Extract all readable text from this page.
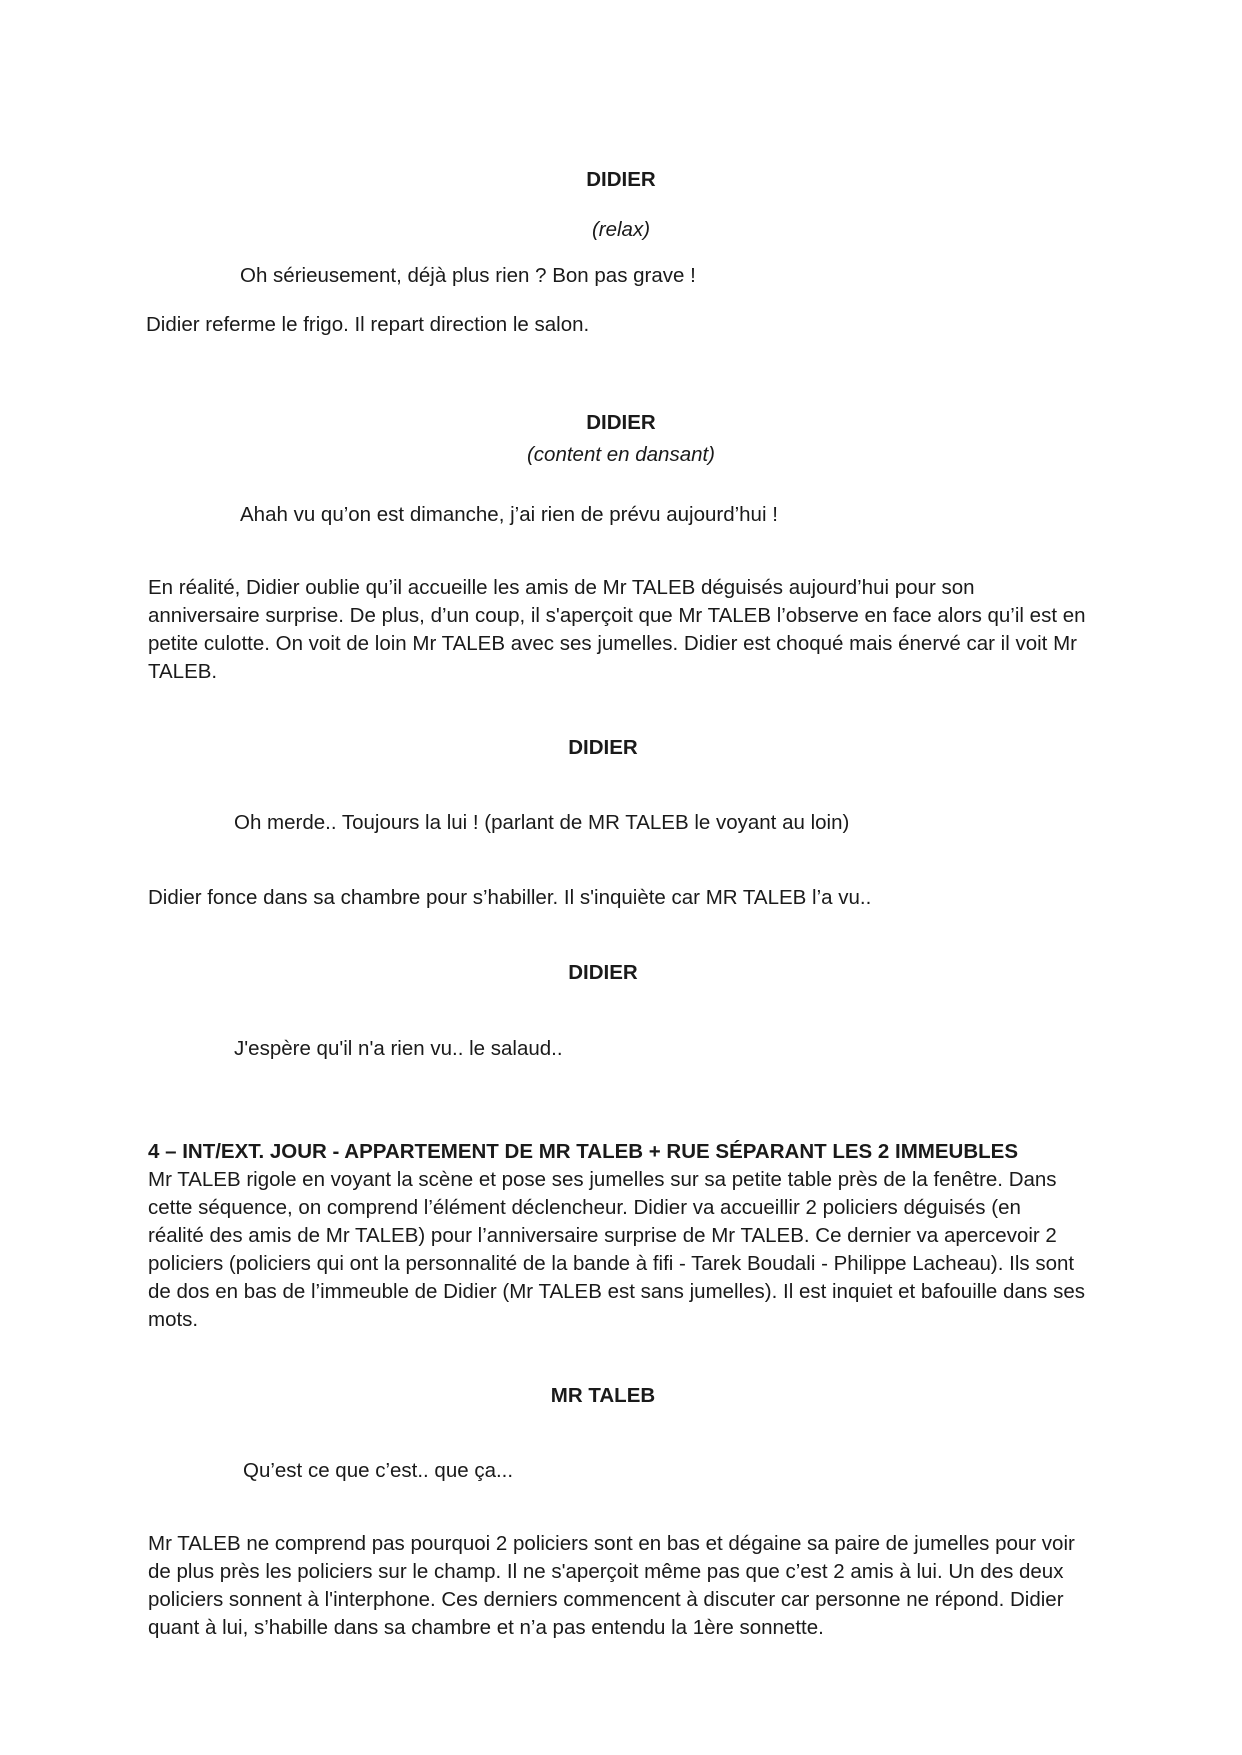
DIDIER
(relax)
Oh sérieusement, déjà plus rien ? Bon pas grave !
Didier referme le frigo. Il repart direction le salon.
DIDIER
(content en dansant)
Ahah vu qu’on est dimanche, j’ai rien de prévu aujourd’hui !
En réalité, Didier oublie qu’il accueille les amis de Mr TALEB déguisés aujourd’hui pour son
anniversaire surprise. De plus, d’un coup, il s'aperçoit que Mr TALEB l’observe en face alors qu’il est en
petite culotte. On voit de loin Mr TALEB avec ses jumelles. Didier est choqué mais énervé car il voit Mr
TALEB.
DIDIER
Oh merde.. Toujours la lui ! (parlant de MR TALEB le voyant au loin)
Didier fonce dans sa chambre pour s’habiller. Il s'inquiète car MR TALEB l’a vu..
DIDIER
J'espère qu'il n'a rien vu.. le salaud..
4 – INT/EXT. JOUR - APPARTEMENT DE MR TALEB + RUE SÉPARANT LES 2 IMMEUBLES
Mr TALEB rigole en voyant la scène et pose ses jumelles sur sa petite table près de la fenêtre. Dans
cette séquence, on comprend l’élément déclencheur. Didier va accueillir 2 policiers déguisés (en
réalité des amis de Mr TALEB) pour l’anniversaire surprise de Mr TALEB. Ce dernier va apercevoir 2
policiers (policiers qui ont la personnalité de la bande à fifi - Tarek Boudali - Philippe Lacheau). Ils sont
de dos en bas de l’immeuble de Didier (Mr TALEB est sans jumelles). Il est inquiet et bafouille dans ses
mots.
MR TALEB
Qu’est ce que c’est.. que ça...
Mr TALEB ne comprend pas pourquoi 2 policiers sont en bas et dégaine sa paire de jumelles pour voir
de plus près les policiers sur le champ. Il ne s'aperçoit même pas que c’est 2 amis à lui. Un des deux
policiers sonnent à l'interphone. Ces derniers commencent à discuter car personne ne répond. Didier
quant à lui, s’habille dans sa chambre et n’a pas entendu la 1ère sonnette.
